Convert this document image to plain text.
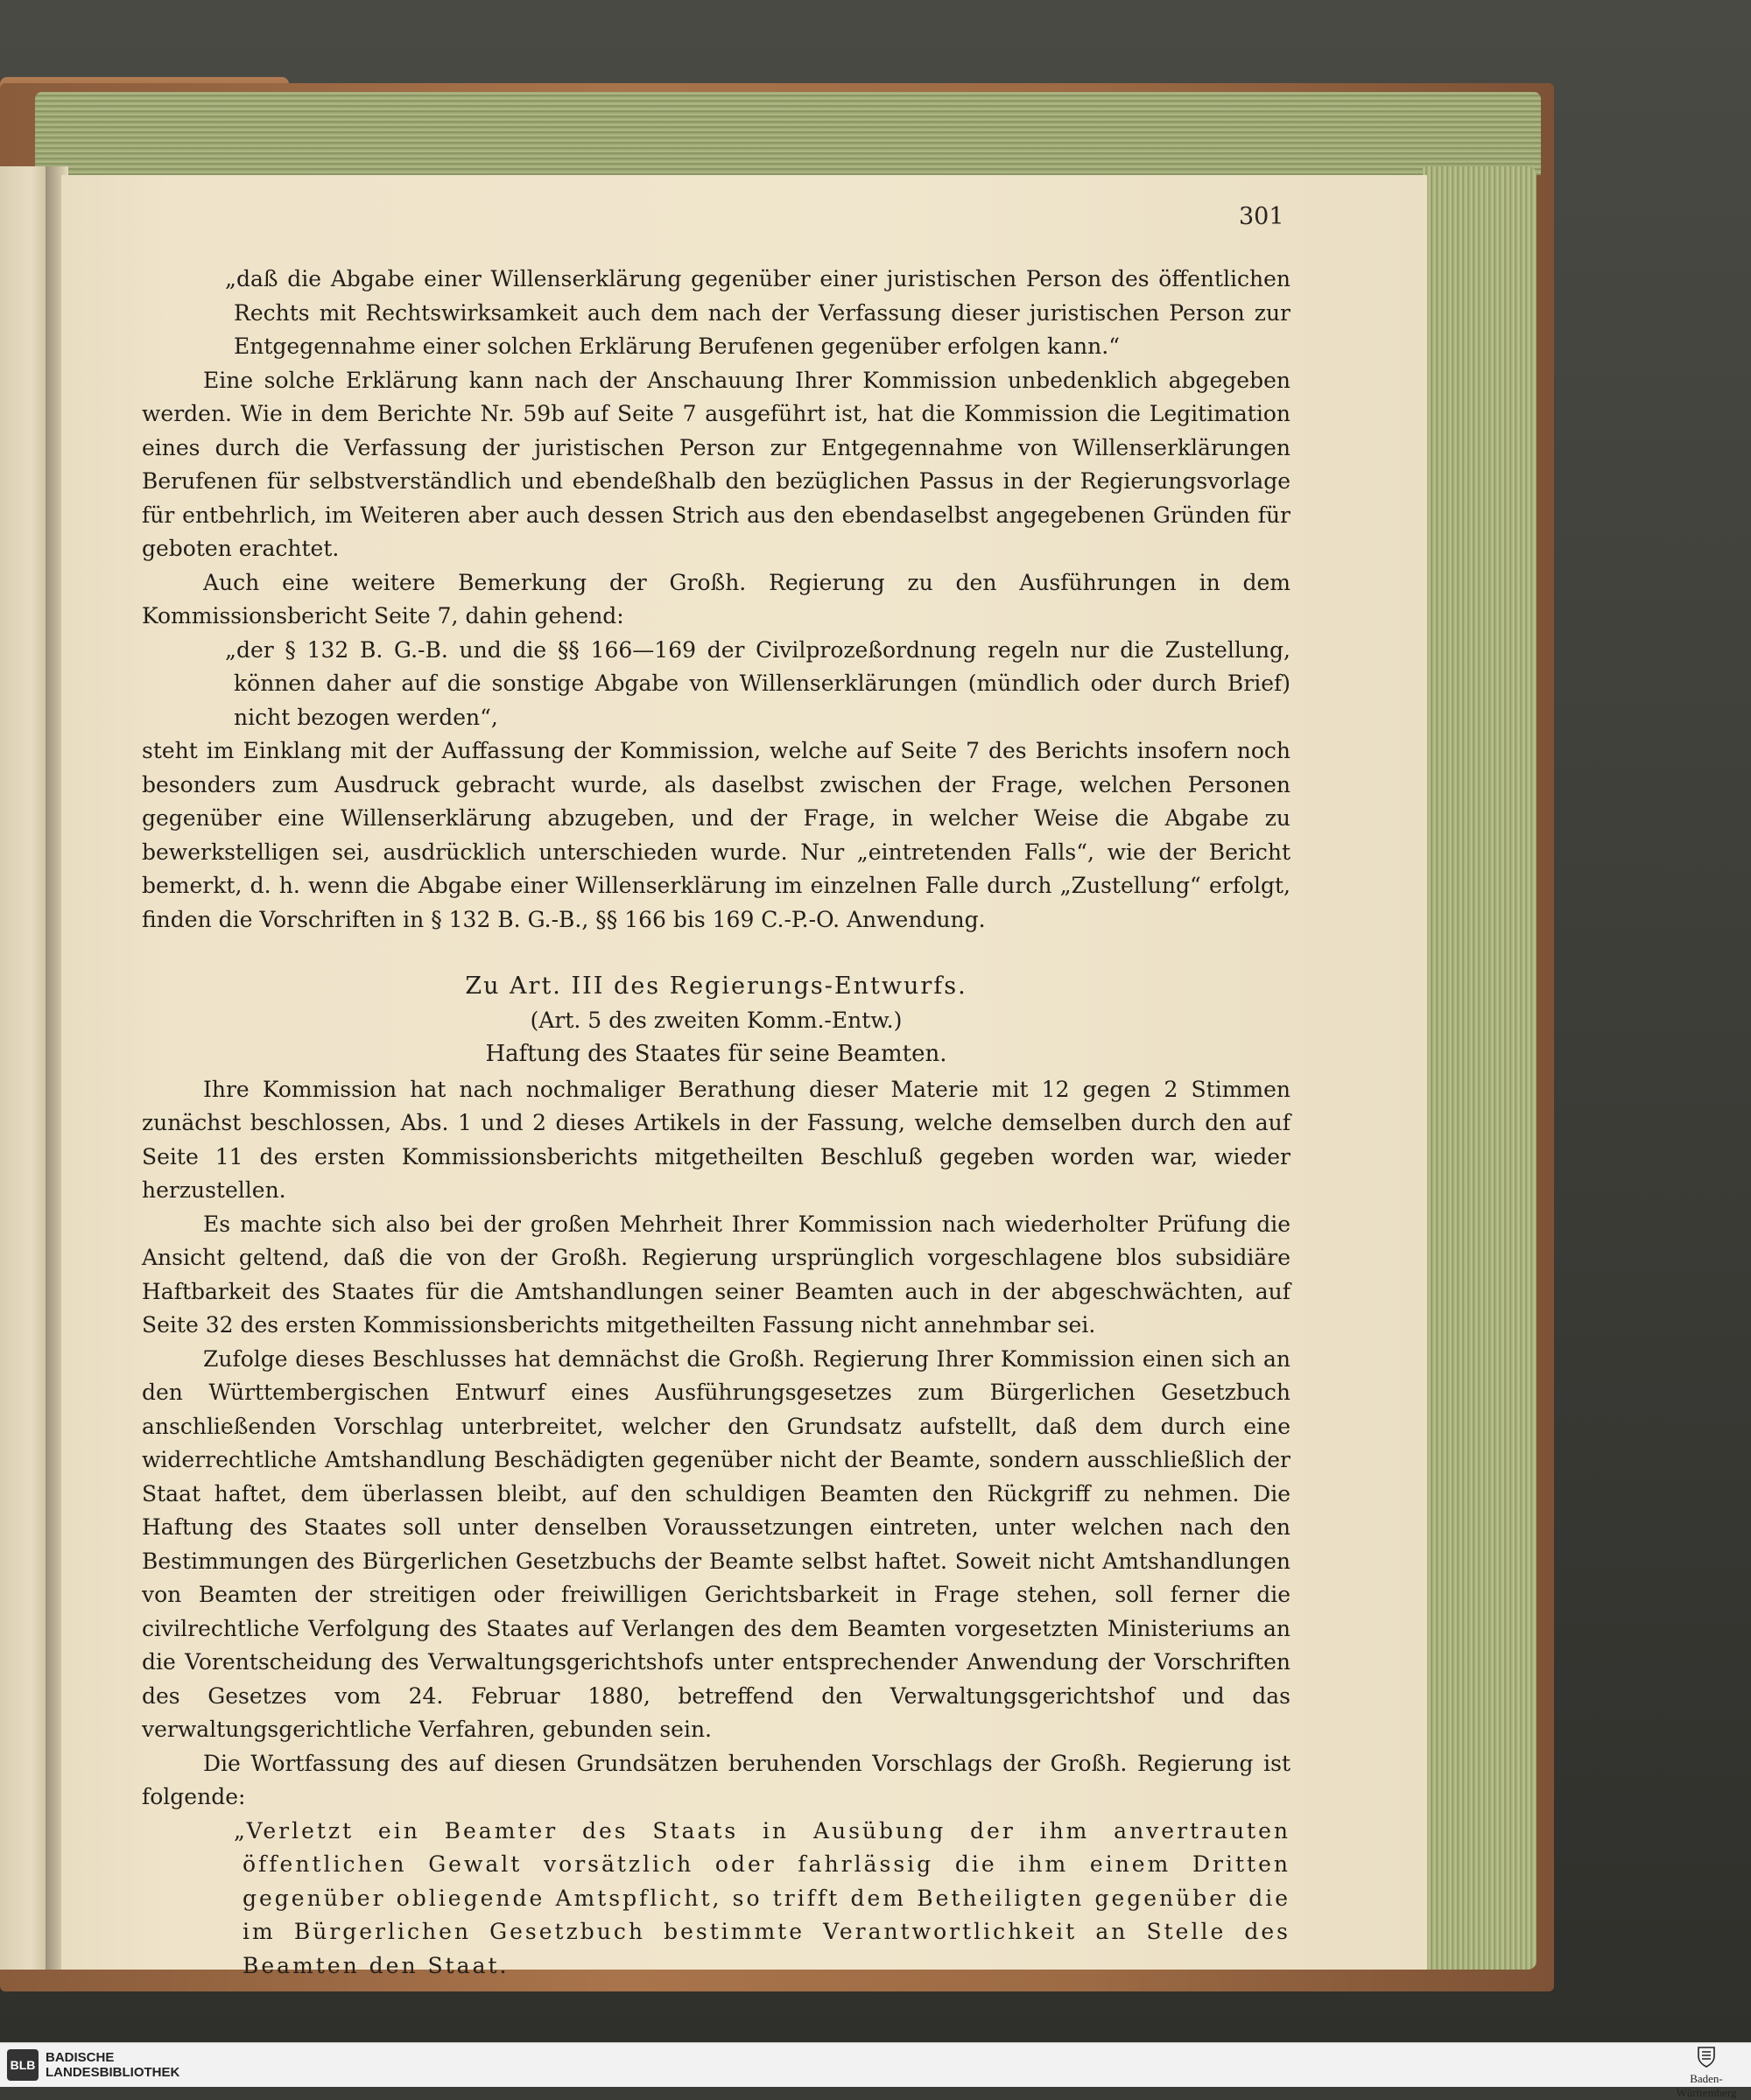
301

„daß die Abgabe einer Willenserklärung gegenüber einer juristischen Person des öffentlichen Rechts mit Rechtswirksamkeit auch dem nach der Verfassung dieser juristischen Person zur Entgegennahme einer solchen Erklärung Berufenen gegenüber erfolgen kann.“

Eine solche Erklärung kann nach der Anschauung Ihrer Kommission unbedenklich abgegeben werden. Wie in dem Berichte Nr. 59b auf Seite 7 ausgeführt ist, hat die Kommission die Legitimation eines durch die Verfassung der juristischen Person zur Entgegennahme von Willenserklärungen Berufenen für selbstverständlich und ebendeßhalb den bezüglichen Passus in der Regierungsvorlage für entbehrlich, im Weiteren aber auch dessen Strich aus den ebendaselbst angegebenen Gründen für geboten erachtet.

Auch eine weitere Bemerkung der Großh. Regierung zu den Ausführungen in dem Kommissionsbericht Seite 7, dahin gehend:

„der § 132 B. G.-B. und die §§ 166—169 der Civilprozeßordnung regeln nur die Zustellung, können daher auf die sonstige Abgabe von Willenserklärungen (mündlich oder durch Brief) nicht bezogen werden“,

steht im Einklang mit der Auffassung der Kommission, welche auf Seite 7 des Berichts insofern noch besonders zum Ausdruck gebracht wurde, als daselbst zwischen der Frage, welchen Personen gegenüber eine Willenserklärung abzugeben, und der Frage, in welcher Weise die Abgabe zu bewerkstelligen sei, ausdrücklich unterschieden wurde. Nur „eintretenden Falls“, wie der Bericht bemerkt, d. h. wenn die Abgabe einer Willenserklärung im einzelnen Falle durch „Zustellung“ erfolgt, finden die Vorschriften in § 132 B. G.-B., §§ 166 bis 169 C.-P.-O. Anwendung.

Zu Art. III des Regierungs-Entwurfs.

(Art. 5 des zweiten Komm.-Entw.)

Haftung des Staates für seine Beamten.

Ihre Kommission hat nach nochmaliger Berathung dieser Materie mit 12 gegen 2 Stimmen zunächst beschlossen, Abs. 1 und 2 dieses Artikels in der Fassung, welche demselben durch den auf Seite 11 des ersten Kommissionsberichts mitgetheilten Beschluß gegeben worden war, wieder herzustellen.

Es machte sich also bei der großen Mehrheit Ihrer Kommission nach wiederholter Prüfung die Ansicht geltend, daß die von der Großh. Regierung ursprünglich vorgeschlagene blos subsidiäre Haftbarkeit des Staates für die Amtshandlungen seiner Beamten auch in der abgeschwächten, auf Seite 32 des ersten Kommissionsberichts mitgetheilten Fassung nicht annehmbar sei.

Zufolge dieses Beschlusses hat demnächst die Großh. Regierung Ihrer Kommission einen sich an den Württembergischen Entwurf eines Ausführungsgesetzes zum Bürgerlichen Gesetzbuch anschließenden Vorschlag unterbreitet, welcher den Grundsatz aufstellt, daß dem durch eine widerrechtliche Amtshandlung Beschädigten gegenüber nicht der Beamte, sondern ausschließlich der Staat haftet, dem überlassen bleibt, auf den schuldigen Beamten den Rückgriff zu nehmen. Die Haftung des Staates soll unter denselben Voraussetzungen eintreten, unter welchen nach den Bestimmungen des Bürgerlichen Gesetzbuchs der Beamte selbst haftet. Soweit nicht Amtshandlungen von Beamten der streitigen oder freiwilligen Gerichtsbarkeit in Frage stehen, soll ferner die civilrechtliche Verfolgung des Staates auf Verlangen des dem Beamten vorgesetzten Ministeriums an die Vorentscheidung des Verwaltungsgerichtshofs unter entsprechender Anwendung der Vorschriften des Gesetzes vom 24. Februar 1880, betreffend den Verwaltungsgerichtshof und das verwaltungsgerichtliche Verfahren, gebunden sein.

Die Wortfassung des auf diesen Grundsätzen beruhenden Vorschlags der Großh. Regierung ist folgende:

„Verletzt ein Beamter des Staats in Ausübung der ihm anvertrauten öffentlichen Gewalt vorsätzlich oder fahrlässig die ihm einem Dritten gegenüber obliegende Amtspflicht, so trifft dem Betheiligten gegenüber die im Bürgerlichen Gesetzbuch bestimmte Verantwortlichkeit an Stelle des Beamten den Staat.

BLB BADISCHE
LANDESBIBLIOTHEK	Baden-Württemberg
